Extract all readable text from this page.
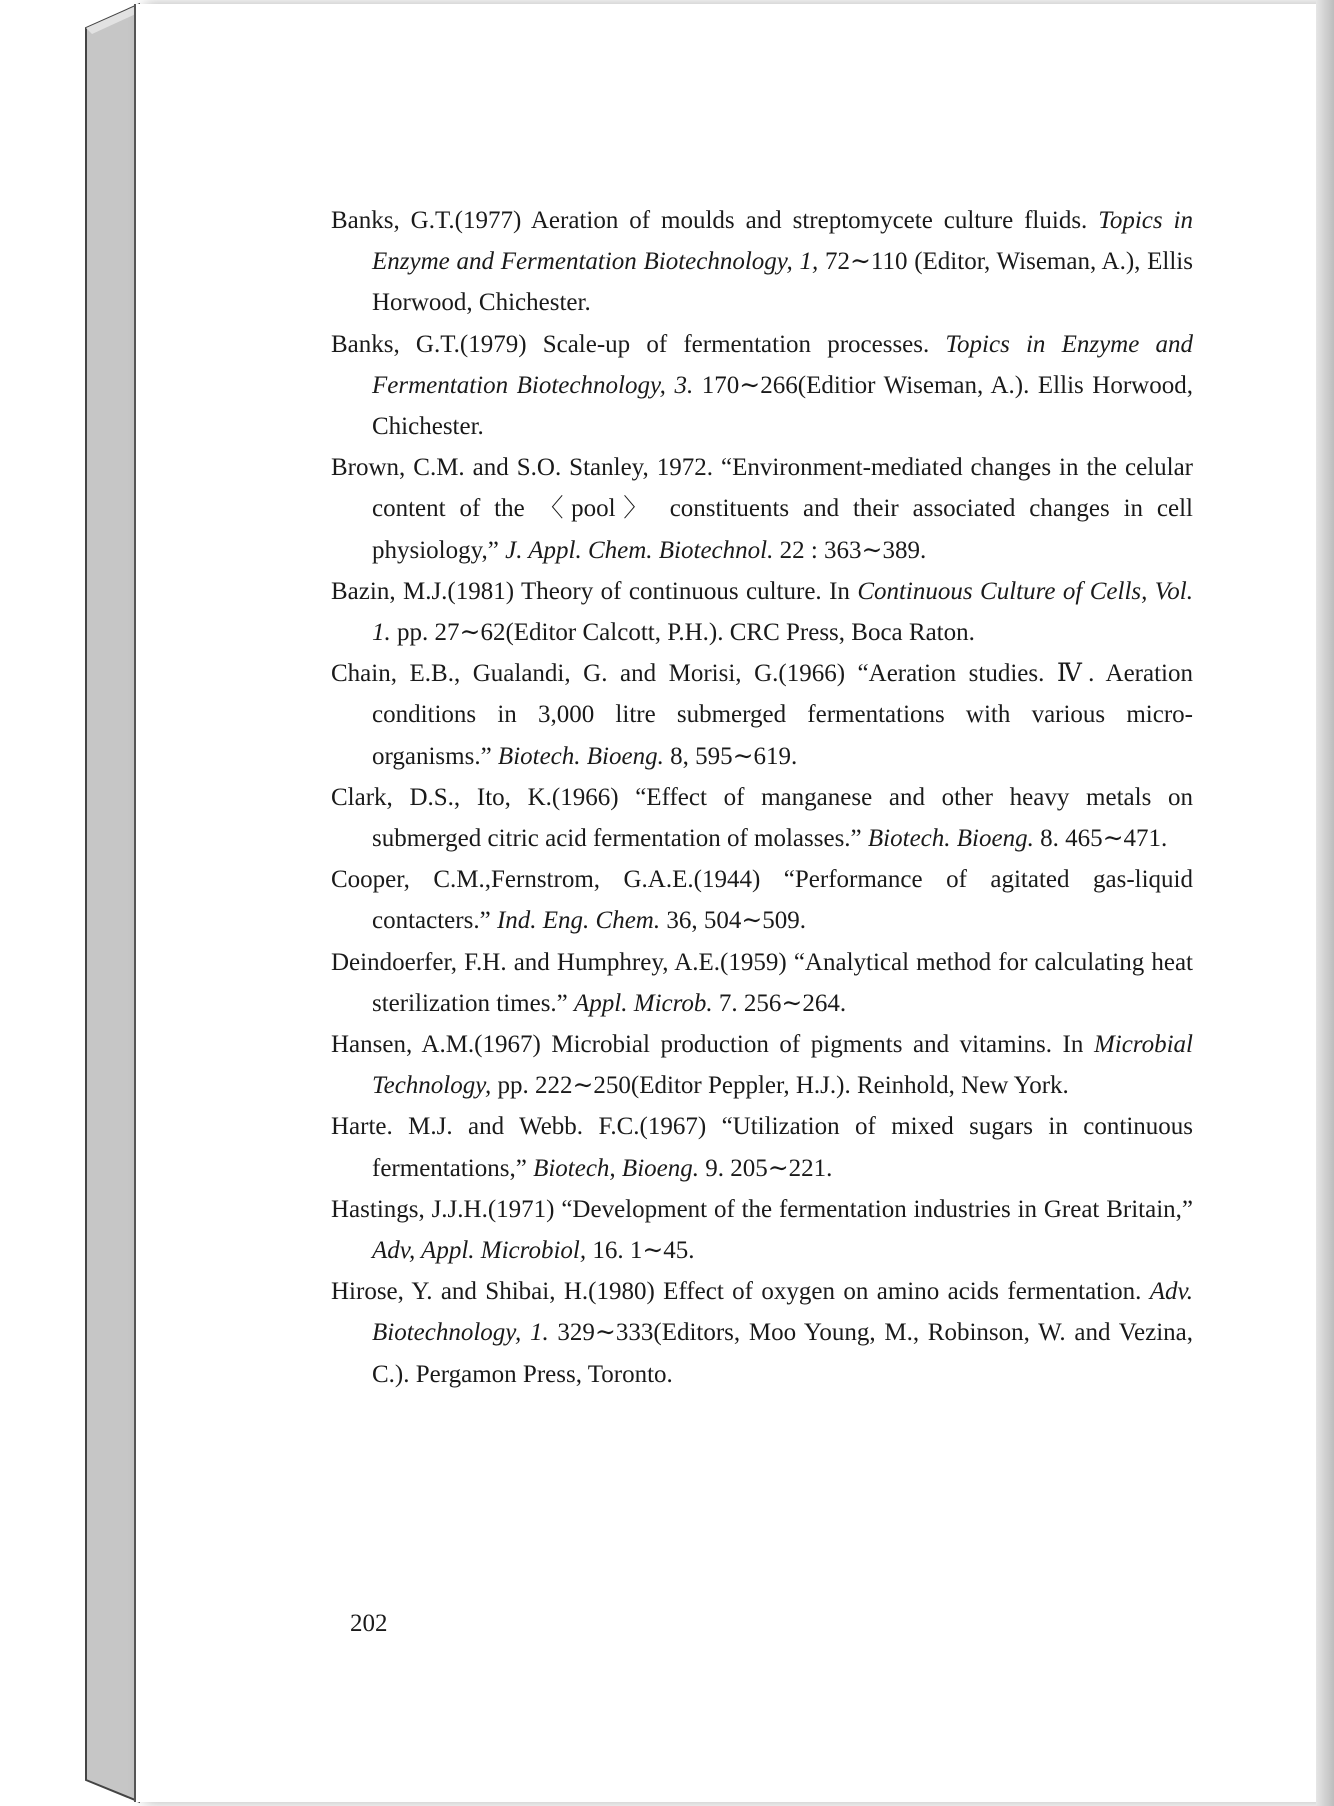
Banks, G.T.(1977) Aeration of moulds and streptomycete culture fluids. Topics in Enzyme and Fermentation Biotechnology, 1, 72∼110 (Editor, Wiseman, A.), Ellis Horwood, Chichester.

Banks, G.T.(1979) Scale-up of fermentation processes. Topics in Enzyme and Fermentation Biotechnology, 3. 170∼266(Editior Wiseman, A.). Ellis Horwood, Chichester.

Brown, C.M. and S.O. Stanley, 1972. “Environment-mediated changes in the celular content of the 〈pool〉 constituents and their associated changes in cell physiology,” J. Appl. Chem. Biotechnol. 22 : 363∼389.

Bazin, M.J.(1981) Theory of continuous culture. In Continuous Culture of Cells, Vol. 1. pp. 27∼62(Editor Calcott, P.H.). CRC Press, Boca Raton.

Chain, E.B., Gualandi, G. and Morisi, G.(1966) “Aeration studies. Ⅳ. Aeration conditions in 3,000 litre submerged fermentations with various micro-organisms.” Biotech. Bioeng. 8, 595∼619.

Clark, D.S., Ito, K.(1966) “Effect of manganese and other heavy metals on submerged citric acid fermentation of molasses.” Biotech. Bioeng. 8. 465∼471.

Cooper, C.M.,Fernstrom, G.A.E.(1944) “Performance of agitated gas-liquid contacters.” Ind. Eng. Chem. 36, 504∼509.

Deindoerfer, F.H. and Humphrey, A.E.(1959) “Analytical method for calculating heat sterilization times.” Appl. Microb. 7. 256∼264.

Hansen, A.M.(1967) Microbial production of pigments and vitamins. In Microbial Technology, pp. 222∼250(Editor Peppler, H.J.). Reinhold, New York.

Harte. M.J. and Webb. F.C.(1967) “Utilization of mixed sugars in continuous fermentations,” Biotech, Bioeng. 9. 205∼221.

Hastings, J.J.H.(1971) “Development of the fermentation industries in Great Britain,” Adv, Appl. Microbiol, 16. 1∼45.

Hirose, Y. and Shibai, H.(1980) Effect of oxygen on amino acids fermentation. Adv. Biotechnology, 1. 329∼333(Editors, Moo Young, M., Robinson, W. and Vezina, C.). Pergamon Press, Toronto.

202
